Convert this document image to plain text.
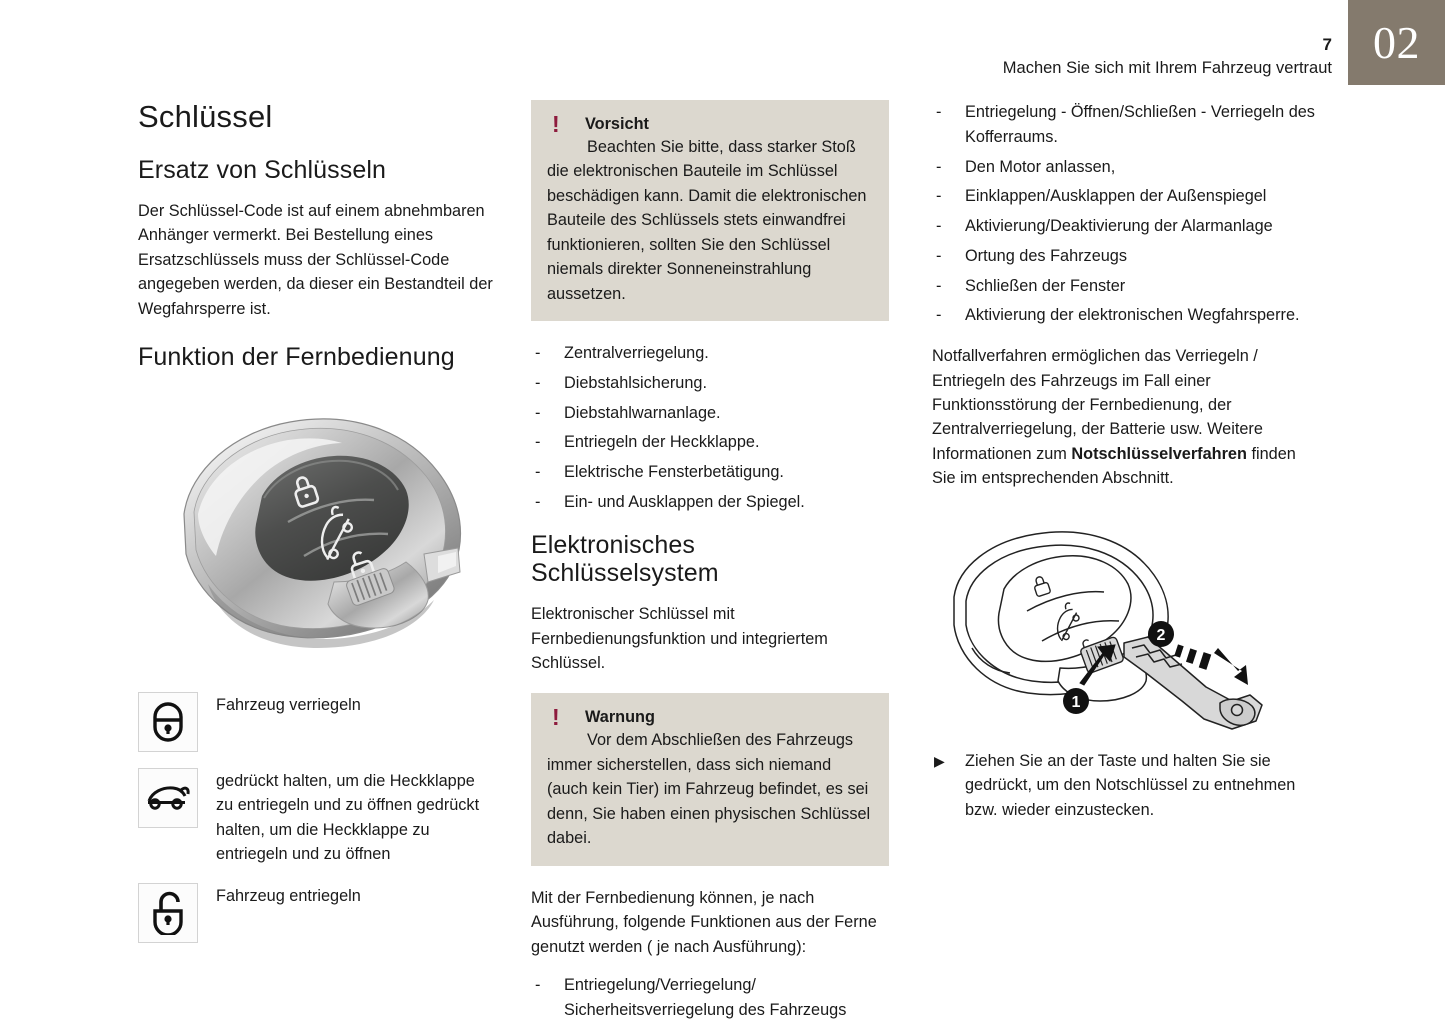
02
7
Machen Sie sich mit Ihrem Fahrzeug vertraut
Schlüssel
Ersatz von Schlüsseln

Der Schlüssel-Code ist auf einem abnehmbaren Anhänger vermerkt. Bei Bestellung eines Ersatzschlüssels muss der Schlüssel-Code angegeben werden, da dieser ein Bestandteil der Wegfahrsperre ist.

Funktion der Fernbedienung
Fahrzeug verriegeln
gedrückt halten, um die Heckklappe zu entriegeln und zu öffnen gedrückt halten, um die Heckklappe zu entriegeln und zu öffnen
Fahrzeug entriegeln
! Vorsicht

Beachten Sie bitte, dass starker Stoß die elektronischen Bauteile im Schlüssel beschädigen kann. Damit die elektronischen Bauteile des Schlüssels stets einwandfrei funktionieren, sollten Sie den Schlüssel niemals direkter Sonneneinstrahlung aussetzen.

- Zentralverriegelung.
- Diebstahlsicherung.
- Diebstahlwarnanlage.
- Entriegeln der Heckklappe.
- Elektrische Fensterbetätigung.
- Ein- und Ausklappen der Spiegel.
Elektronisches Schlüsselsystem

Elektronischer Schlüssel mit Fernbedienungsfunktion und integriertem Schlüssel.

! Warnung

Vor dem Abschließen des Fahrzeugs immer sicherstellen, dass sich niemand (auch kein Tier) im Fahrzeug befindet, es sei denn, Sie haben einen physischen Schlüssel dabei.

Mit der Fernbedienung können, je nach Ausführung, folgende Funktionen aus der Ferne genutzt werden ( je nach Ausführung):

- Entriegelung/Verriegelung/ Sicherheitsverriegelung des Fahrzeugs
- Entriegelung - Öffnen/Schließen - Verriegeln des Kofferraums.
- Den Motor anlassen,
- Einklappen/Ausklappen der Außenspiegel
- Aktivierung/Deaktivierung der Alarmanlage
- Ortung des Fahrzeugs
- Schließen der Fenster
- Aktivierung der elektronischen Wegfahrsperre.

Notfallverfahren ermöglichen das Verriegeln / Entriegeln des Fahrzeugs im Fall einer Funktionsstörung der Fernbedienung, der Zentralverriegelung, der Batterie usw. Weitere Informationen zum Notschlüsselverfahren finden Sie im entsprechenden Abschnitt.

1
2
▶ Ziehen Sie an der Taste und halten Sie sie gedrückt, um den Notschlüssel zu entnehmen bzw. wieder einzustecken.
